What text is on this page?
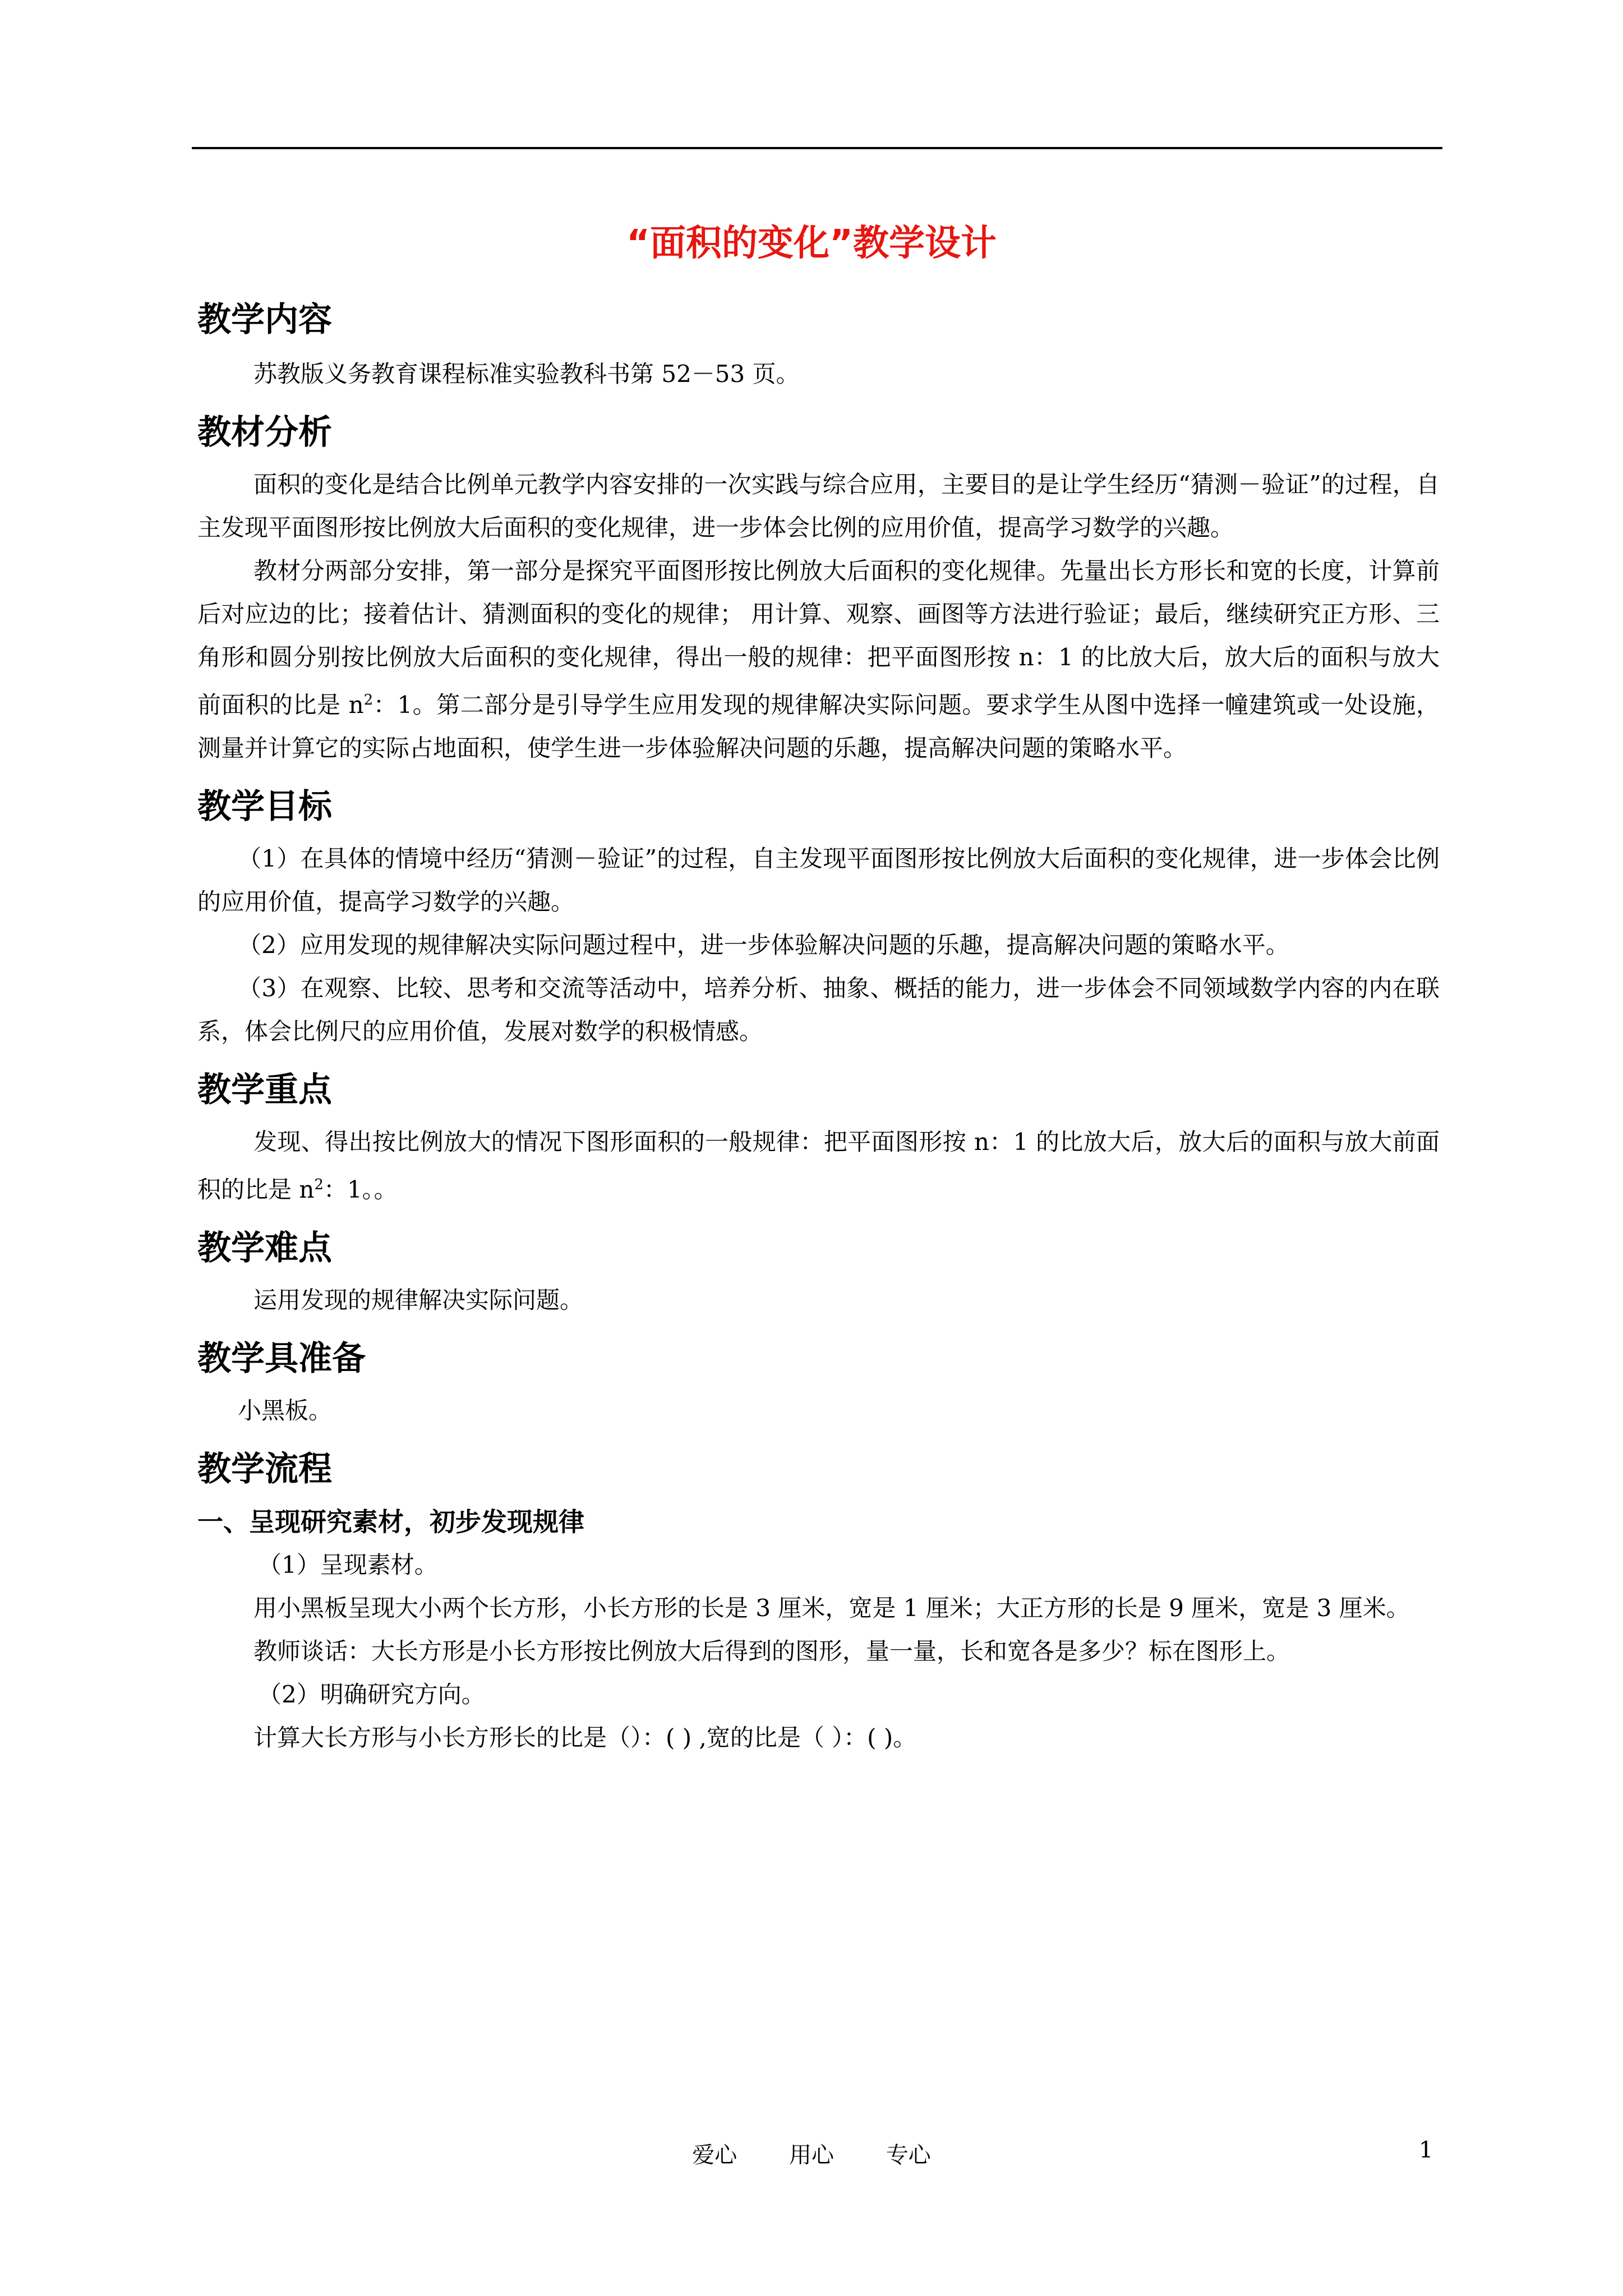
“面积的变化”教学设计
教学内容

苏教版义务教育课程标准实验教科书第 52－53 页。

教材分析

面积的变化是结合比例单元教学内容安排的一次实践与综合应用，主要目的是让学生经历“猜测－验证”的过程，自主发现平面图形按比例放大后面积的变化规律，进一步体会比例的应用价值，提高学习数学的兴趣。

教材分两部分安排，第一部分是探究平面图形按比例放大后面积的变化规律。先量出长方形长和宽的长度，计算前后对应边的比；接着估计、猜测面积的变化的规律； 用计算、观察、画图等方法进行验证；最后，继续研究正方形、三角形和圆分别按比例放大后面积的变化规律，得出一般的规律：把平面图形按 n：1 的比放大后，放大后的面积与放大前面积的比是 $n^2$：1。第二部分是引导学生应用发现的规律解决实际问题。要求学生从图中选择一幢建筑或一处设施，测量并计算它的实际占地面积，使学生进一步体验解决问题的乐趣，提高解决问题的策略水平。

教学目标

（1）在具体的情境中经历“猜测－验证”的过程，自主发现平面图形按比例放大后面积的变化规律，进一步体会比例的应用价值，提高学习数学的兴趣。

（2）应用发现的规律解决实际问题过程中，进一步体验解决问题的乐趣，提高解决问题的策略水平。

（3）在观察、比较、思考和交流等活动中，培养分析、抽象、概括的能力，进一步体会不同领域数学内容的内在联系，体会比例尺的应用价值，发展对数学的积极情感。

教学重点

发现、得出按比例放大的情况下图形面积的一般规律：把平面图形按 n：1 的比放大后，放大后的面积与放大前面积的比是 $n^2$：1。。

教学难点

运用发现的规律解决实际问题。

教学具准备

小黑板。

教学流程

一、呈现研究素材，初步发现规律

（1）呈现素材。

用小黑板呈现大小两个长方形，小长方形的长是 3 厘米，宽是 1 厘米；大正方形的长是 9 厘米，宽是 3 厘米。

教师谈话：大长方形是小长方形按比例放大后得到的图形，量一量，长和宽各是多少？标在图形上。

（2）明确研究方向。

计算大长方形与小长方形长的比是（）：( ) ,宽的比是（ ）：( )。

爱心 用心 专心	1
